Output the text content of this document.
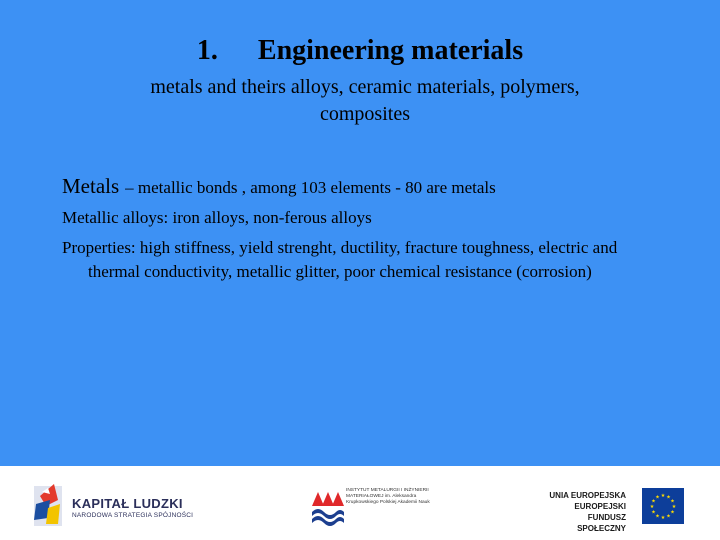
1. Engineering materials
metals and theirs alloys, ceramic materials, polymers, composites

Metals – metallic bonds , among 103 elements - 80 are metals

Metallic alloys: iron alloys, non-ferous alloys

Properties: high stiffness, yield strenght, ductility, fracture toughness, electric and thermal conductivity, metallic glitter, poor chemical resistance (corrosion)

KAPITAŁ LUDZKI
NARODOWA STRATEGIA SPÓJNOŚCI
INSTYTUT METALURGII I INŻYNIERII MATERIAŁOWEJ im. Aleksandra Krupkowskiego Polskiej Akademii Nauk
UNIA EUROPEJSKA
EUROPEJSKI
FUNDUSZ SPOŁECZNY
★ ★
★
★
★
★
★
★
★
★
★
★
